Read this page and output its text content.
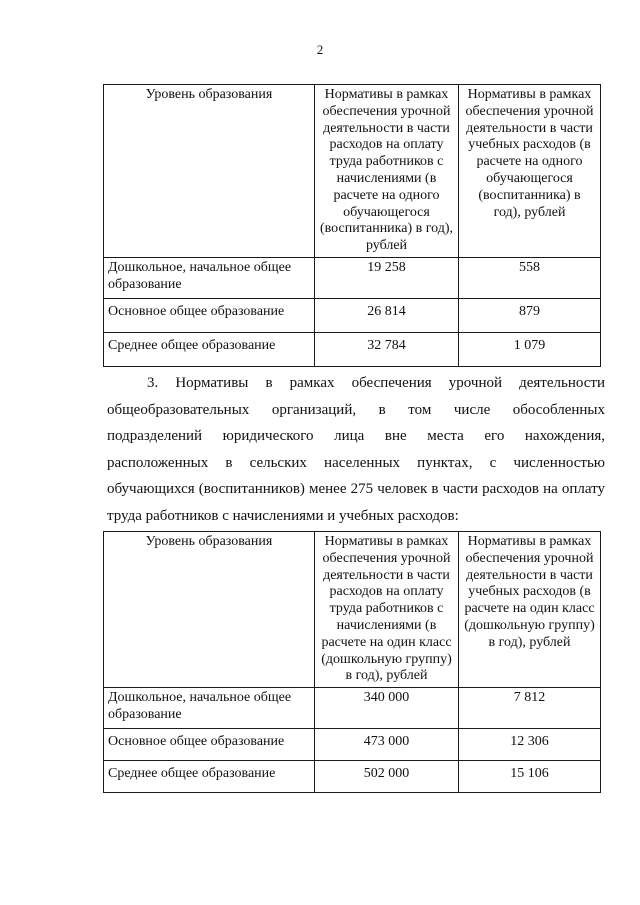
2
Уровень образования	Нормативы в рамках обеспечения урочной деятельности в части расходов на оплату труда работников с начислениями (в расчете на одного обучающегося (воспитанника) в год), рублей	Нормативы в рамках обеспечения урочной деятельности в части учебных расходов (в расчете на одного обучающегося (воспитанника) в год), рублей
Дошкольное, начальное общее образование	19 258	558
Основное общее образование	26 814	879
Среднее общее образование	32 784	1 079

3. Нормативы в рамках обеспечения урочной деятельности общеобразовательных организаций, в том числе обособленных подразделений юридического лица вне места его нахождения, расположенных в сельских населенных пунктах, с численностью обучающихся (воспитанников) менее 275 человек в части расходов на оплату труда работников с начислениями и учебных расходов:

Уровень образования	Нормативы в рамках обеспечения урочной деятельности в части расходов на оплату труда работников с начислениями (в расчете на один класс (дошкольную группу) в год), рублей	Нормативы в рамках обеспечения урочной деятельности в части учебных расходов (в расчете на один класс (дошкольную группу) в год), рублей
Дошкольное, начальное общее образование	340 000	7 812
Основное общее образование	473 000	12 306
Среднее общее образование	502 000	15 106
